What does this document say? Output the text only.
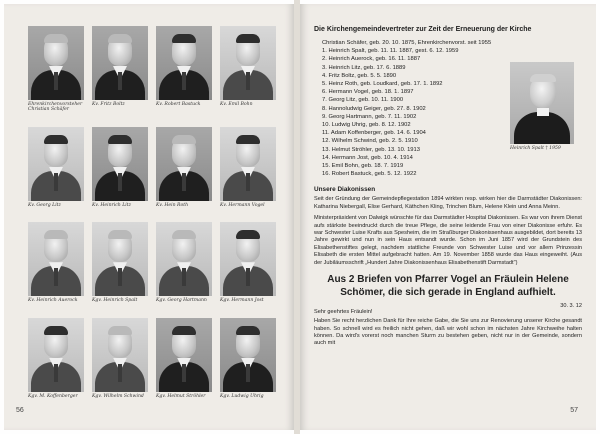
Ehrenkirchenvorsteher Christian Schäfer
Kv. Fritz Boltz	Kv. Robert Bastuck	Kv. Emil Bohn
Kv. Georg Litz	Kv. Heinrich Litz	Kv. Hein Roth	Kv. Hermann Vogel
Kv. Heinrich Auerock	Kgv. Heinrich Spalt	Kgv. Georg Hartmann	Kgv. Hermann Jost
Kgv. M. Koffenberger	Kgv. Wilhelm Schwind	Kgv. Helmut Ströhler	Kgv. Ludwig Uhrig
56
Die Kirchengemeindevertreter zur Zeit der Erneuerung der Kirche
Christian Schäfer, geb. 20. 10. 1875, Ehrenkirchenvorst. seit 1955
1. Heinrich Spalt, geb. 11. 11. 1887, gest. 6. 12. 1959
2. Heinrich Auerock, geb. 16. 11. 1887
3. Heinrich Litz, geb. 17. 6. 1889
4. Fritz Boltz, geb. 5. 5. 1890
5. Heinz Roth, geb. Loudkard, geb. 17. 1. 1892
6. Hermann Vogel, geb. 18. 1. 1897
7. Georg Litz, geb. 10. 11. 1900
8. Hannoludwig Geiger, geb. 27. 8. 1902
9. Georg Hartmann, geb. 7. 11. 1902
10. Ludwig Uhrig, geb. 8. 12. 1902
11. Adam Koffenberger, geb. 14. 6. 1904
12. Wilhelm Schwind, geb. 2. 5. 1910
13. Helmut Ströhler, geb. 13. 10. 1913
14. Hermann Jost, geb. 10. 4. 1914
15. Emil Bohn, geb. 18. 7. 1919
16. Robert Bastuck, geb. 5. 12. 1922
Unsere Diakonissen

Seit der Gründung der Gemeindepflegestation 1894 wirkten resp. wirken hier die Darmstädter Diakonissen: Katharina Niebergall, Elise Gerhard, Käthchen Kling, Trinchen Blum, Helene Klein und Anna Meinn.

Ministerpräsident von Dalwigk wünschte für das Darmstädter Hospital Diakonissen. Es war von ihrem Dienst aufs stärkste beeindruckt durch die treue Pflege, die seine leidende Frau von einer Diakonisse erfuhr. Es war Schwester Luise Krafts aus Spesheim, die im Straßburger Diakonissenhaus ausgebildet, dort bereits 13 Jahre gewirkt und nun in sein Haus entsandt wurde. Schon im Juni 1857 wird der Grundstein des Elisabethenstiftes gelegt, nachdem stattliche Freunde von Schwester Luise und vor allem Prinzessin Elisabeth die ersten Mittel aufgebracht hatten. Am 19. November 1858 wurde das Haus eingeweiht. (Aus der Jubiläumsschrift „Hundert Jahre Diakonissenhaus Elisabethenstift Darmstadt")

Aus 2 Briefen von Pfarrer Vogel an Fräulein Helene Schömer, die sich gerade in England aufhielt.

30. 3. 12

Sehr geehrtes Fräulein!

Haben Sie recht herzlichen Dank für Ihre reiche Gabe, die Sie uns zur Renovierung unserer Kirche gesandt haben. So schnell wird es freilich nicht gehen, daß wir wohl schon im nächsten Jahre Kirchweihe halten können. Da wird's vorerst noch manchen Sturm zu bestehen geben, nicht nur in der Gemeinde, sondern auch mit

Heinrich Spalt † 1959
57
